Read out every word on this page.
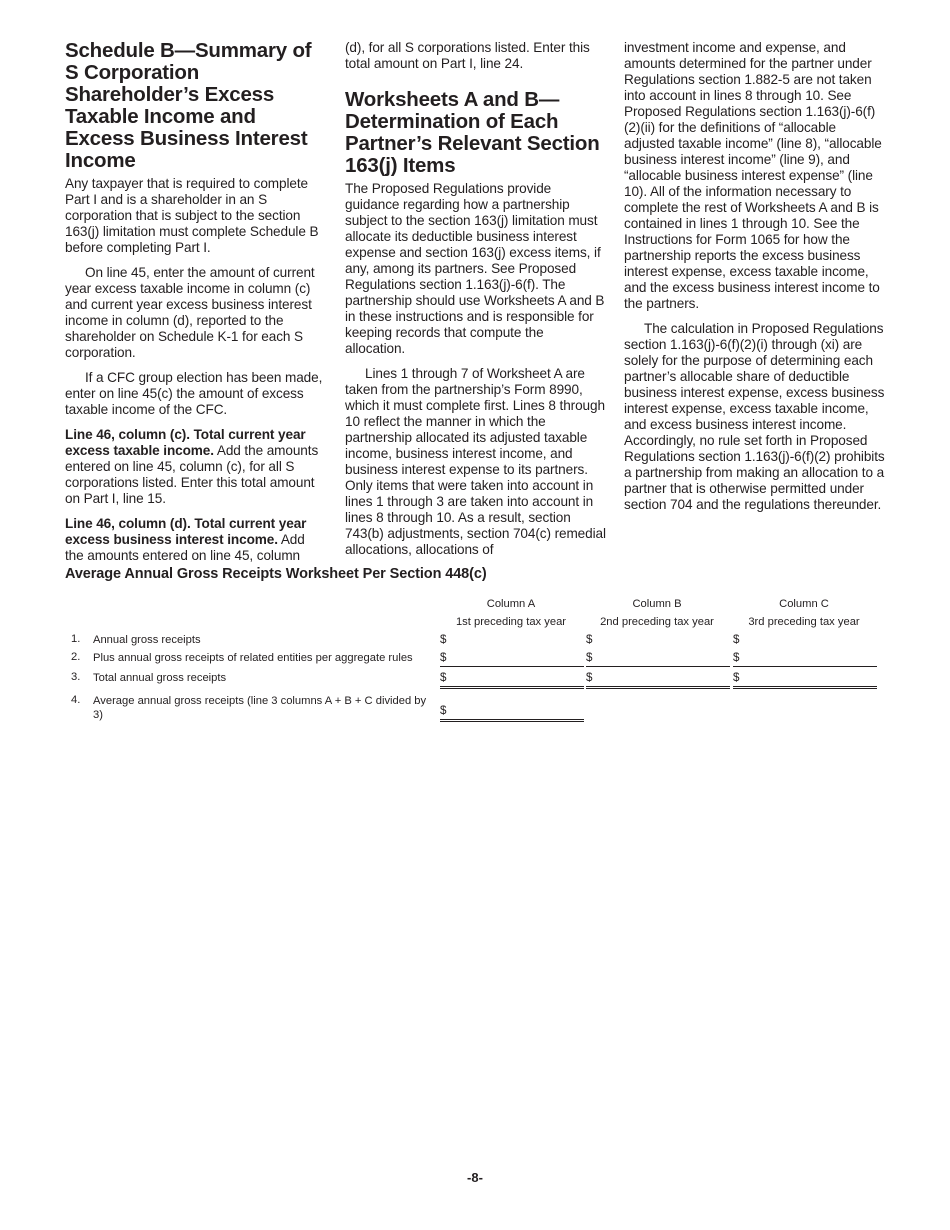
Schedule B—Summary of S Corporation Shareholder’s Excess Taxable Income and Excess Business Interest Income

Any taxpayer that is required to complete Part I and is a shareholder in an S corporation that is subject to the section 163(j) limitation must complete Schedule B before completing Part I.

On line 45, enter the amount of current year excess taxable income in column (c) and current year excess business interest income in column (d), reported to the shareholder on Schedule K-1 for each S corporation.

If a CFC group election has been made, enter on line 45(c) the amount of excess taxable income of the CFC.

Line 46, column (c). Total current year excess taxable income. Add the amounts entered on line 45, column (c), for all S corporations listed. Enter this total amount on Part I, line 15.

Line 46, column (d). Total current year excess business interest income. Add the amounts entered on line 45, column

(d), for all S corporations listed. Enter this total amount on Part I, line 24.

Worksheets A and B—Determination of Each Partner’s Relevant Section 163(j) Items

The Proposed Regulations provide guidance regarding how a partnership subject to the section 163(j) limitation must allocate its deductible business interest expense and section 163(j) excess items, if any, among its partners. See Proposed Regulations section 1.163(j)-6(f). The partnership should use Worksheets A and B in these instructions and is responsible for keeping records that compute the allocation.

Lines 1 through 7 of Worksheet A are taken from the partnership’s Form 8990, which it must complete first. Lines 8 through 10 reflect the manner in which the partnership allocated its adjusted taxable income, business interest income, and business interest expense to its partners. Only items that were taken into account in lines 1 through 3 are taken into account in lines 8 through 10. As a result, section 743(b) adjustments, section 704(c) remedial allocations, allocations of

investment income and expense, and amounts determined for the partner under Regulations section 1.882-5 are not taken into account in lines 8 through 10. See Proposed Regulations section 1.163(j)-6(f)(2)(ii) for the definitions of “allocable adjusted taxable income” (line 8), “allocable business interest income” (line 9), and “allocable business interest expense” (line 10). All of the information necessary to complete the rest of Worksheets A and B is contained in lines 1 through 10. See the Instructions for Form 1065 for how the partnership reports the excess business interest expense, excess taxable income, and the excess business interest income to the partners.

The calculation in Proposed Regulations section 1.163(j)-6(f)(2)(i) through (xi) are solely for the purpose of determining each partner’s allocable share of deductible business interest expense, excess business interest expense, excess taxable income, and excess business interest income. Accordingly, no rule set forth in Proposed Regulations section 1.163(j)-6(f)(2) prohibits a partnership from making an allocation to a partner that is otherwise permitted under section 704 and the regulations thereunder.

Average Annual Gross Receipts Worksheet Per Section 448(c)
Column A	Column B	Column C
1st preceding tax year	2nd preceding tax year	3rd preceding tax year
1. Annual gross receipts	$	$	$
2. Plus annual gross receipts of related entities per aggregate rules	$	$	$
3. Total annual gross receipts	$	$	$
4. Average annual gross receipts (line 3 columns A + B + C divided by 3)	$
-8-
